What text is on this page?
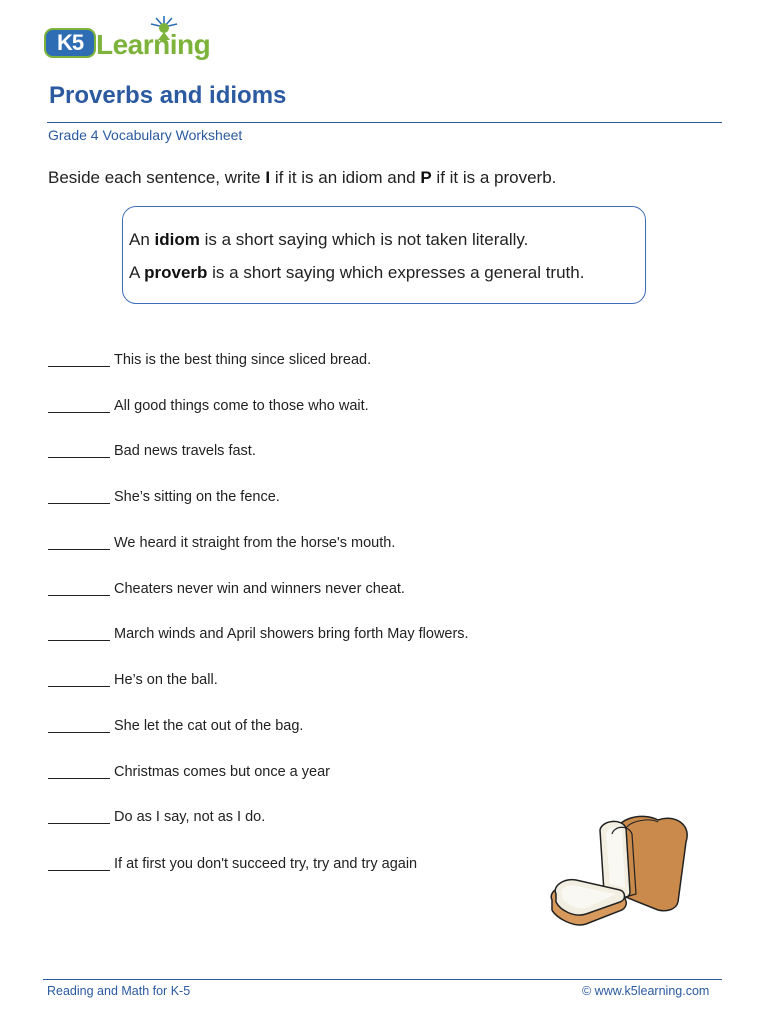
K5 Learning
Proverbs and idioms
Grade 4 Vocabulary Worksheet
Beside each sentence, write I if it is an idiom and P if it is a proverb.
An idiom is a short saying which is not taken literally.
A proverb is a short saying which expresses a general truth.
This is the best thing since sliced bread.
All good things come to those who wait.
Bad news travels fast.
She’s sitting on the fence.
We heard it straight from the horse's mouth.
Cheaters never win and winners never cheat.
March winds and April showers bring forth May flowers.
He’s on the ball.
She let the cat out of the bag.
Christmas comes but once a year
Do as I say, not as I do.
If at first you don't succeed try, try and try again
Reading and Math for K-5	© www.k5learning.com
